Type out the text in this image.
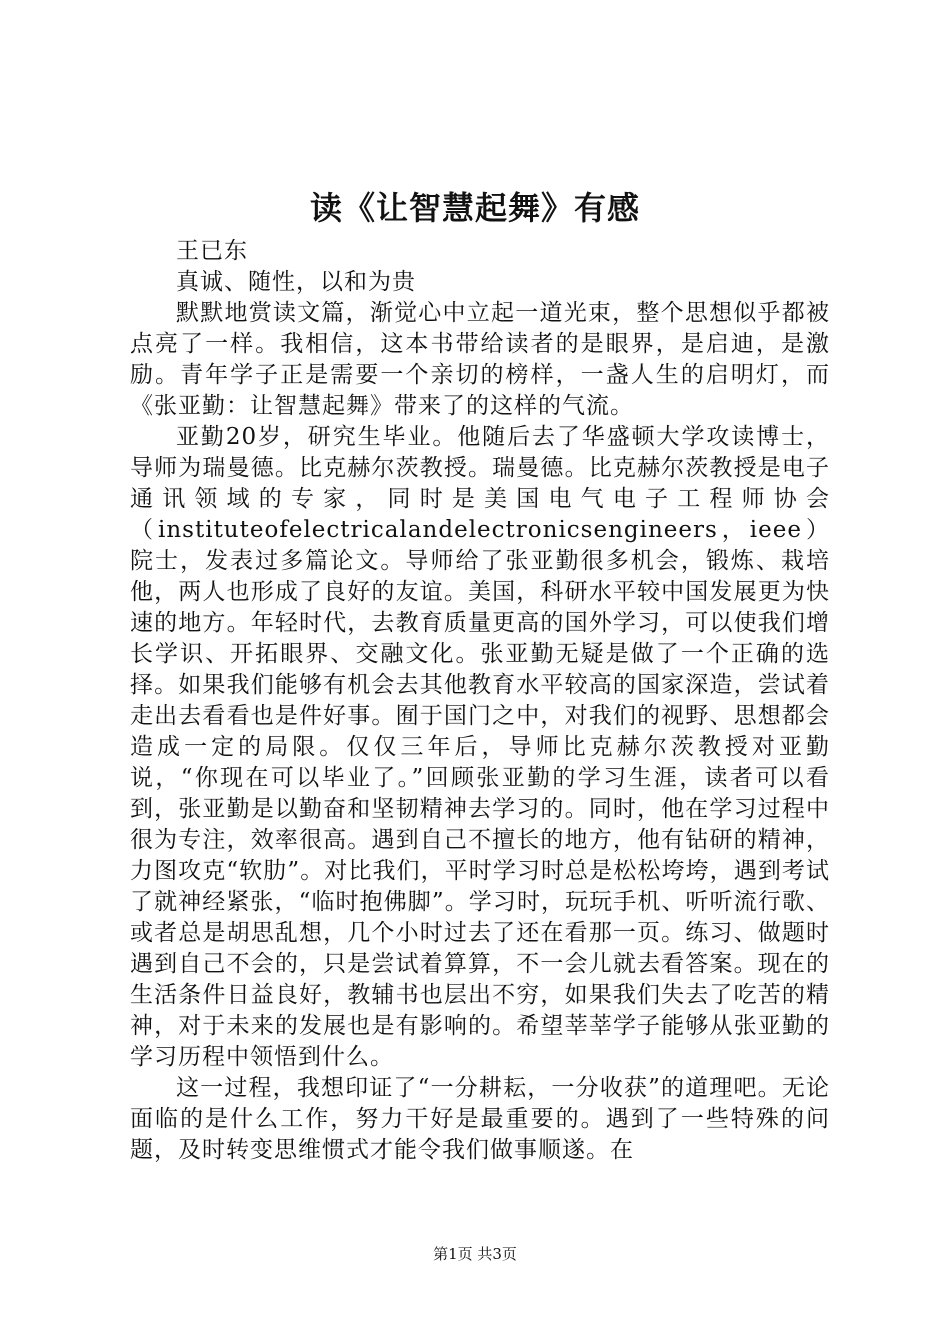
读《让智慧起舞》有感

王已东

真诚、随性，以和为贵

默默地赏读文篇，渐觉心中立起一道光束，整个思想似乎都被点亮了一样。我相信，这本书带给读者的是眼界，是启迪，是激励。青年学子正是需要一个亲切的榜样，一盏人生的启明灯，而《张亚勤：让智慧起舞》带来了的这样的气流。

亚勤20岁，研究生毕业。他随后去了华盛顿大学攻读博士，导师为瑞曼德。比克赫尔茨教授。瑞曼德。比克赫尔茨教授是电子通讯领域的专家，同时是美国电气电子工程师协会（instituteofelectricalandelectronicsengineers，ieee）院士，发表过多篇论文。导师给了张亚勤很多机会，锻炼、栽培他，两人也形成了良好的友谊。美国，科研水平较中国发展更为快速的地方。年轻时代，去教育质量更高的国外学习，可以使我们增长学识、开拓眼界、交融文化。张亚勤无疑是做了一个正确的选择。如果我们能够有机会去其他教育水平较高的国家深造，尝试着走出去看看也是件好事。囿于国门之中，对我们的视野、思想都会造成一定的局限。仅仅三年后，导师比克赫尔茨教授对亚勤说，“你现在可以毕业了。”回顾张亚勤的学习生涯，读者可以看到，张亚勤是以勤奋和坚韧精神去学习的。同时，他在学习过程中很为专注，效率很高。遇到自己不擅长的地方，他有钻研的精神，力图攻克“软肋”。对比我们，平时学习时总是松松垮垮，遇到考试了就神经紧张，“临时抱佛脚”。学习时，玩玩手机、听听流行歌、或者总是胡思乱想，几个小时过去了还在看那一页。练习、做题时遇到自己不会的，只是尝试着算算，不一会儿就去看答案。现在的生活条件日益良好，教辅书也层出不穷，如果我们失去了吃苦的精神，对于未来的发展也是有影响的。希望莘莘学子能够从张亚勤的学习历程中领悟到什么。

这一过程，我想印证了“一分耕耘，一分收获”的道理吧。无论面临的是什么工作，努力干好是最重要的。遇到了一些特殊的问题，及时转变思维惯式才能令我们做事顺遂。在

第1页 共3页
